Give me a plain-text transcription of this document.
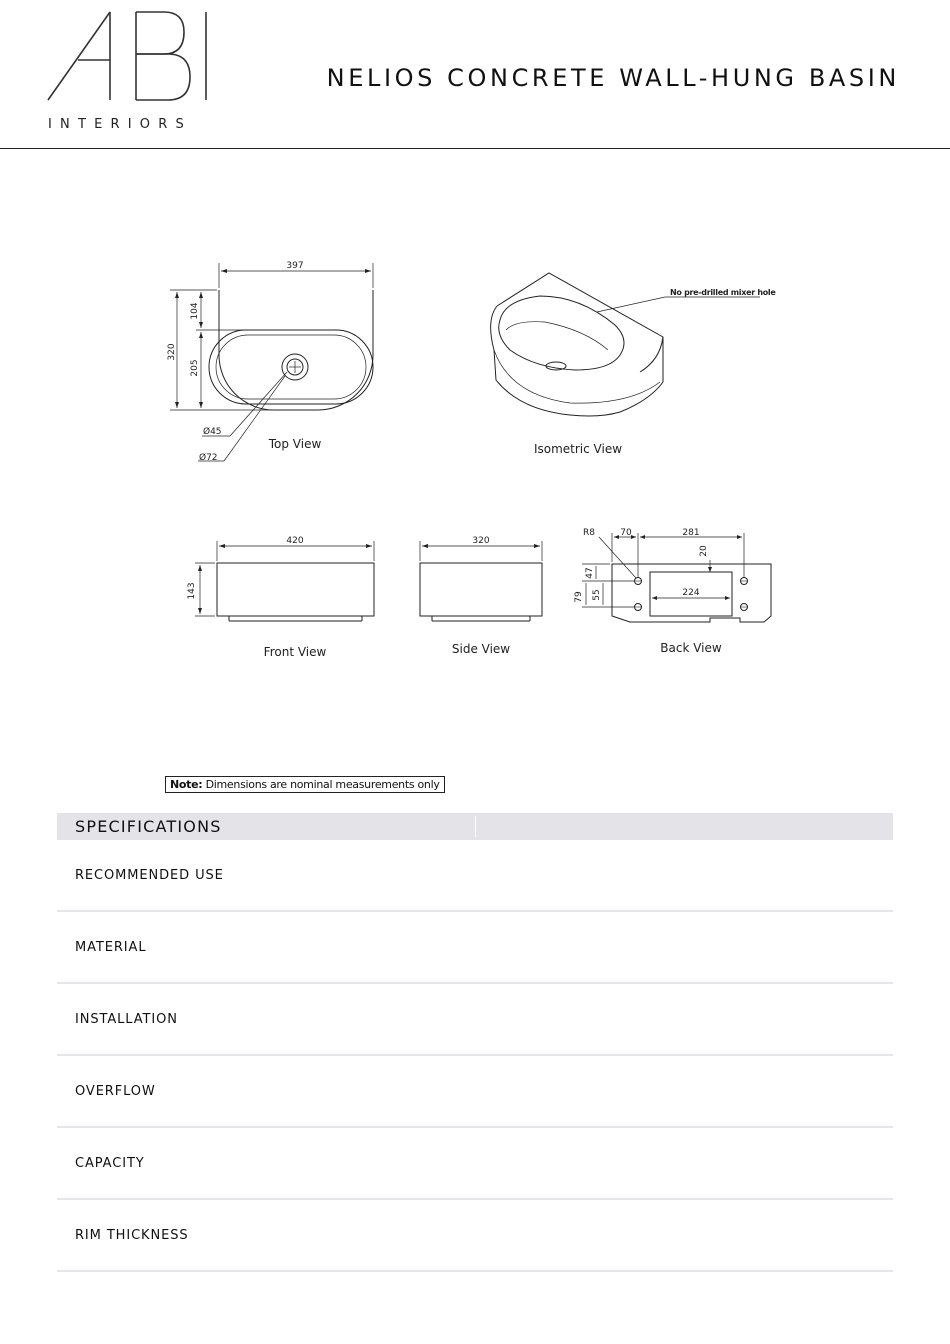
INTERIORS
NELIOS CONCRETE WALL-HUNG BASIN
397
320
104
205
Ø45
Ø72
No pre-drilled mixer hole
420
143
320
R8	70	281
20
224
47
55
79
Top View	Isometric View
Front View	Side View	Back View
Note: Dimensions are nominal measurements only
SPECIFICATIONS
RECOMMENDED USE
MATERIAL
INSTALLATION
OVERFLOW
CAPACITY
RIM THICKNESS
